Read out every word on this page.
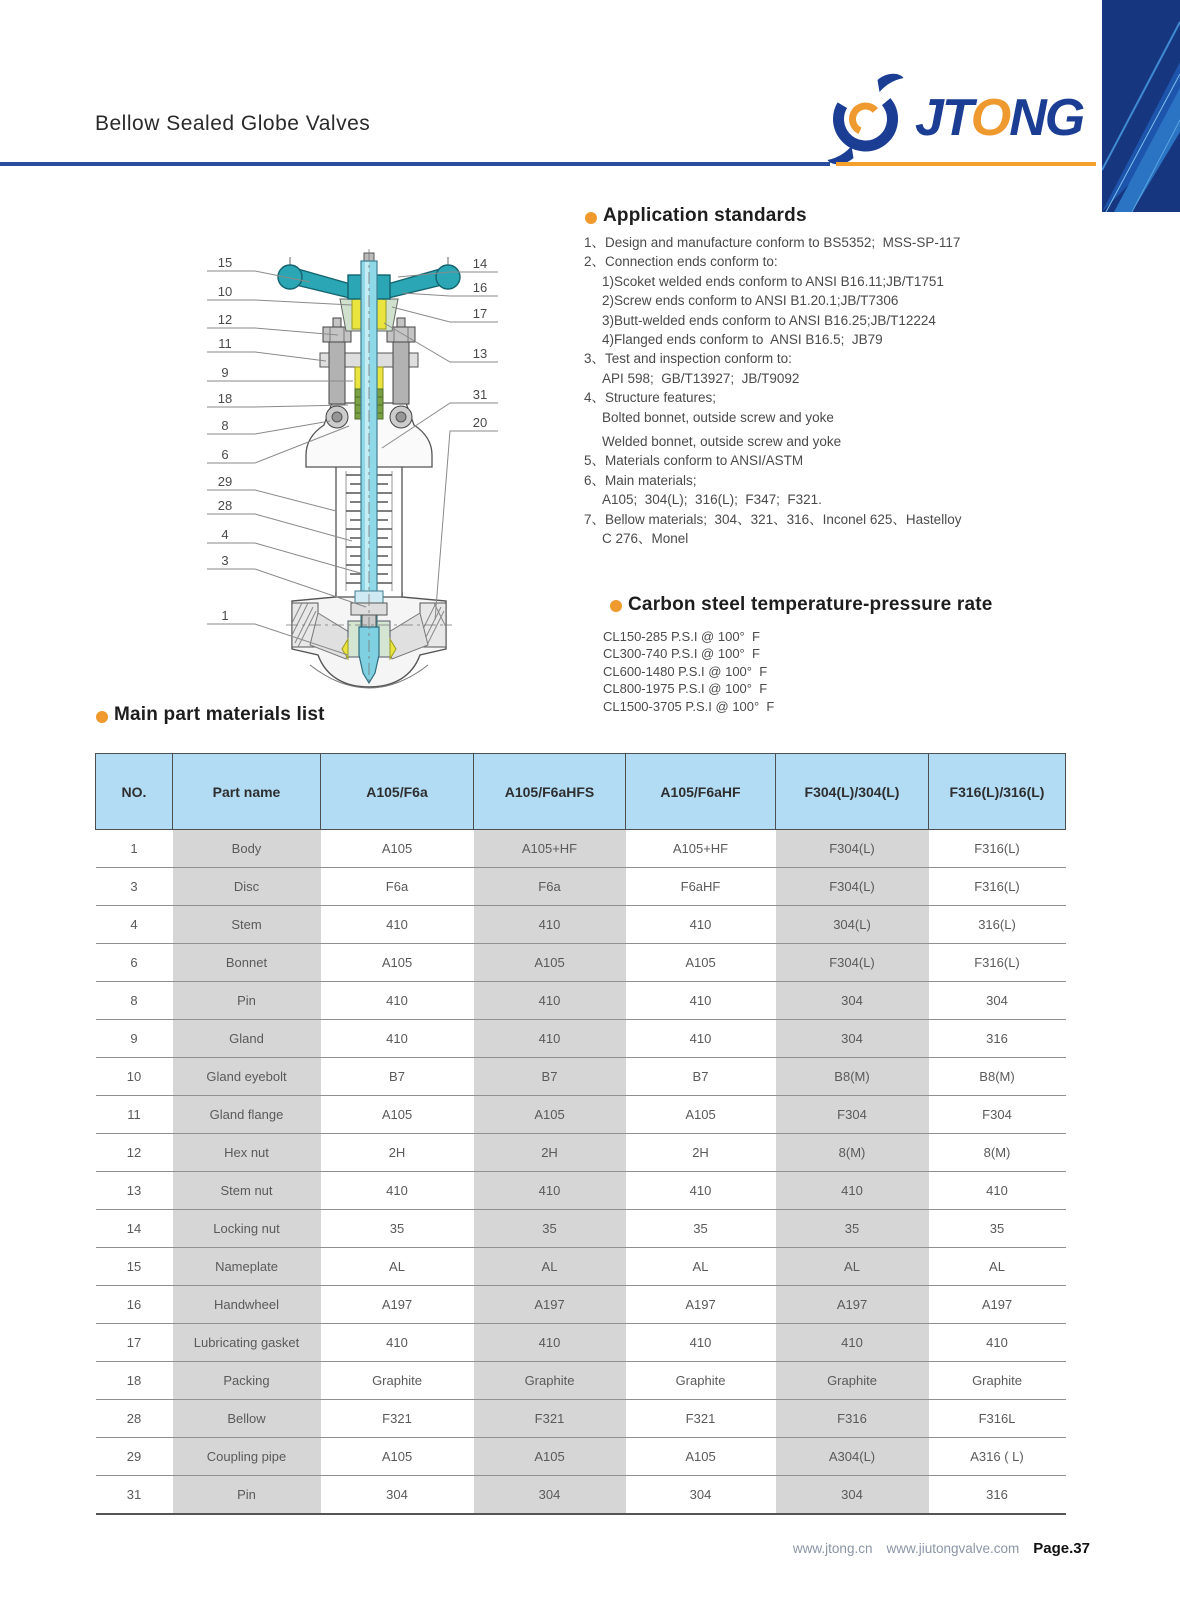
Bellow Sealed Globe Valves	JTONG
15
10
12
11
9
18
8
6
29
28
4
3
1
14
16
17
13
31
20
Application standards
1、Design and manufacture conform to BS5352;  MSS-SP-117
2、Connection ends conform to:
1)Scoket welded ends conform to ANSI B16.11;JB/T1751
2)Screw ends conform to ANSI B1.20.1;JB/T7306
3)Butt-welded ends conform to ANSI B16.25;JB/T12224
4)Flanged ends conform to  ANSI B16.5;  JB79
3、Test and inspection conform to:
API 598;  GB/T13927;  JB/T9092
4、Structure features;
Bolted bonnet, outside screw and yoke
Welded bonnet, outside screw and yoke
5、Materials conform to ANSI/ASTM
6、Main materials;
A105;  304(L);  316(L);  F347;  F321.
7、Bellow materials;  304、321、316、Inconel 625、Hastelloy
C 276、Monel
Carbon steel temperature-pressure rate
CL150-285 P.S.I @ 100°  F
CL300-740 P.S.I @ 100°  F
CL600-1480 P.S.I @ 100°  F
CL800-1975 P.S.I @ 100°  F
CL1500-3705 P.S.I @ 100°  F
Main part materials list
NO.	Part name	A105/F6a	A105/F6aHFS	A105/F6aHF	F304(L)/304(L)	F316(L)/316(L)
1	Body	A105	A105+HF	A105+HF	F304(L)	F316(L)
3	Disc	F6a	F6a	F6aHF	F304(L)	F316(L)
4	Stem	410	410	410	304(L)	316(L)
6	Bonnet	A105	A105	A105	F304(L)	F316(L)
8	Pin	410	410	410	304	304
9	Gland	410	410	410	304	316
10	Gland eyebolt	B7	B7	B7	B8(M)	B8(M)
11	Gland flange	A105	A105	A105	F304	F304
12	Hex nut	2H	2H	2H	8(M)	8(M)
13	Stem nut	410	410	410	410	410
14	Locking nut	35	35	35	35	35
15	Nameplate	AL	AL	AL	AL	AL
16	Handwheel	A197	A197	A197	A197	A197
17	Lubricating gasket	410	410	410	410	410
18	Packing	Graphite	Graphite	Graphite	Graphite	Graphite
28	Bellow	F321	F321	F321	F316	F316L
29	Coupling pipe	A105	A105	A105	A304(L)	A316 ( L)
31	Pin	304	304	304	304	316
www.jtong.cn www.jiutongvalve.com Page.37
